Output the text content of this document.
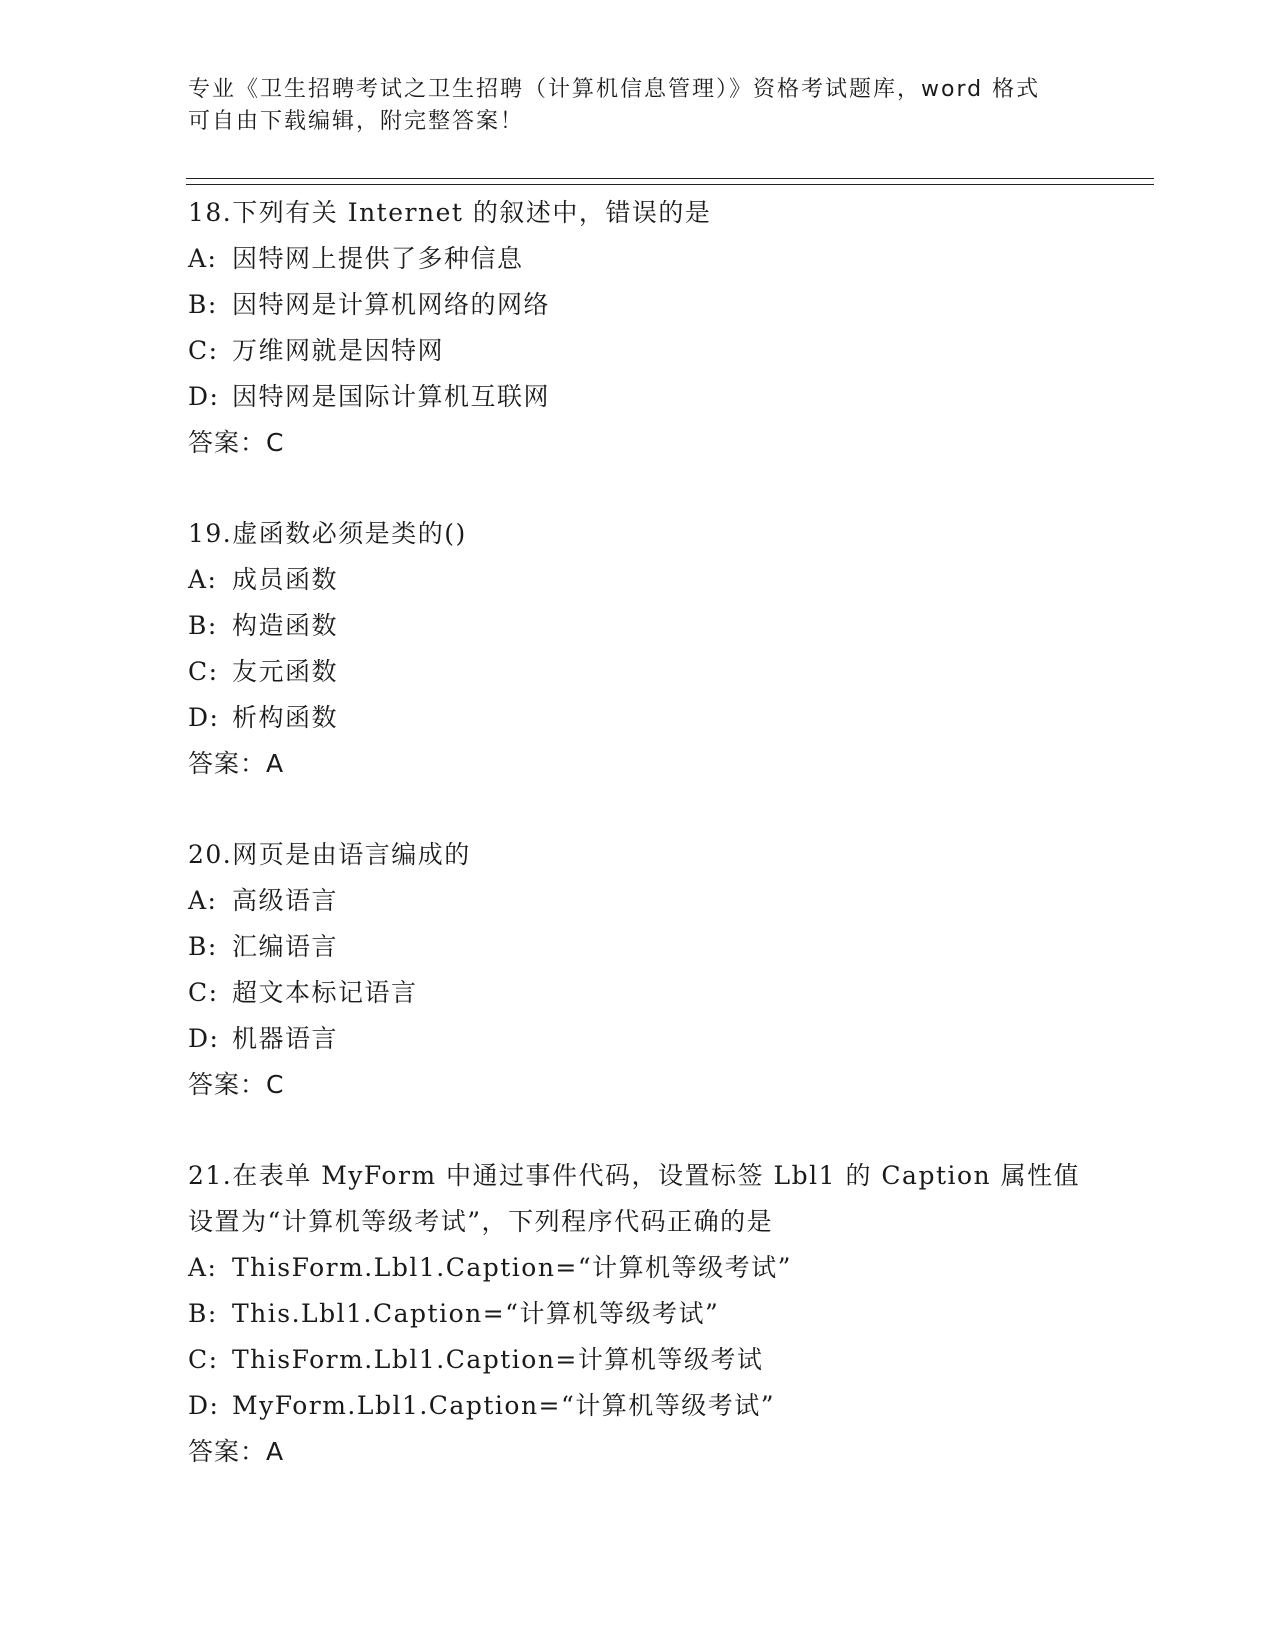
专业《卫生招聘考试之卫生招聘（计算机信息管理）》资格考试题库，word 格式
可自由下载编辑，附完整答案！
18.下列有关 Internet 的叙述中，错误的是
A: 因特网上提供了多种信息
B: 因特网是计算机网络的网络
C: 万维网就是因特网
D: 因特网是国际计算机互联网
答案：C
19.虚函数必须是类的()
A: 成员函数
B: 构造函数
C: 友元函数
D: 析构函数
答案：A
20.网页是由语言编成的
A: 高级语言
B: 汇编语言
C: 超文本标记语言
D: 机器语言
答案：C
21.在表单 MyForm 中通过事件代码，设置标签 Lbl1 的 Caption 属性值
设置为“计算机等级考试”，下列程序代码正确的是
A: ThisForm.Lbl1.Caption=“计算机等级考试”
B: This.Lbl1.Caption=“计算机等级考试”
C: ThisForm.Lbl1.Caption=计算机等级考试
D: MyForm.Lbl1.Caption=“计算机等级考试”
答案：A
